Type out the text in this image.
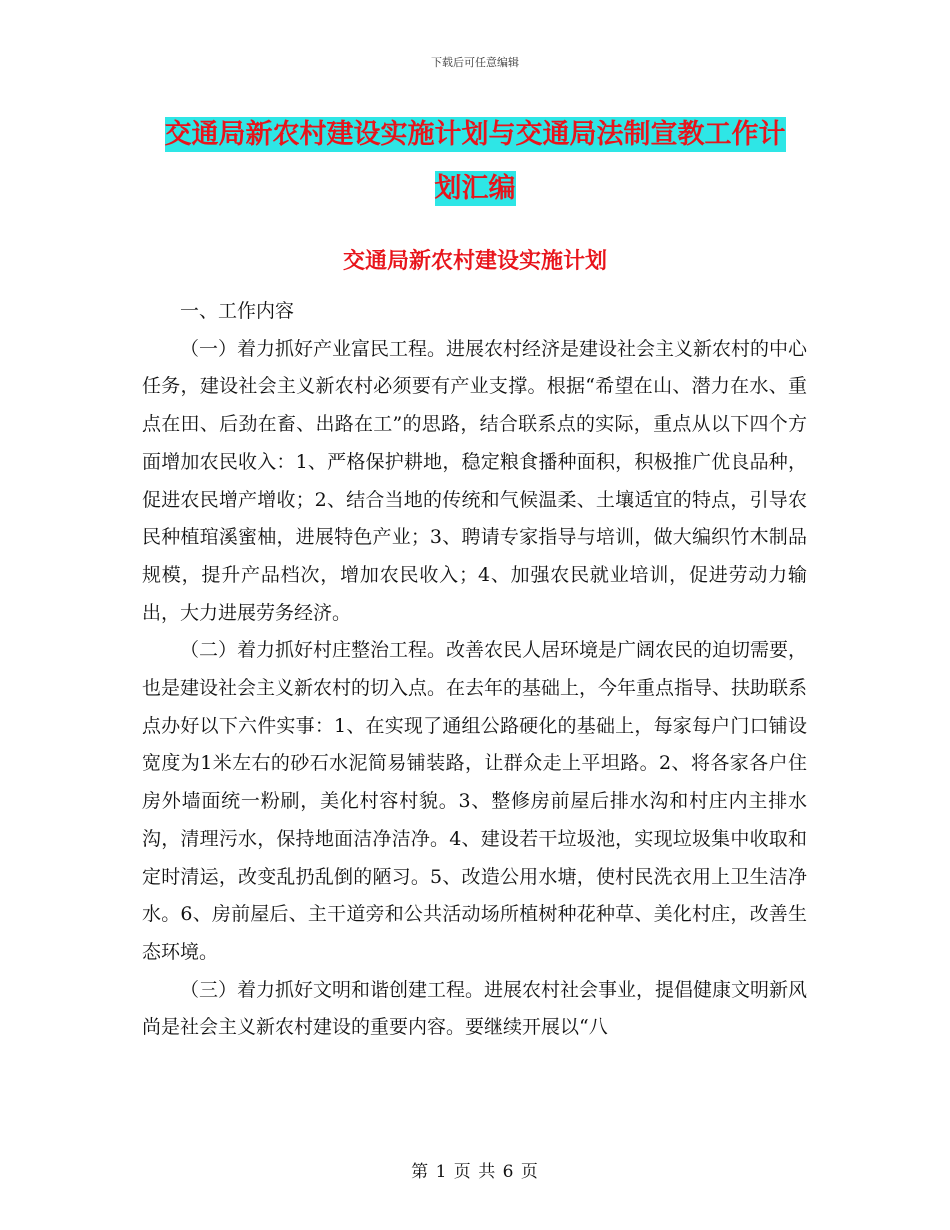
下载后可任意编辑
交通局新农村建设实施计划与交通局法制宣教工作计
划汇编
交通局新农村建设实施计划

一、工作内容

（一）着力抓好产业富民工程。进展农村经济是建设社会主义新农村的中心任务，建设社会主义新农村必须要有产业支撑。根据“希望在山、潜力在水、重点在田、后劲在畜、出路在工”的思路，结合联系点的实际，重点从以下四个方面增加农民收入：1、严格保护耕地，稳定粮食播种面积，积极推广优良品种，促进农民增产增收；2、结合当地的传统和气候温柔、土壤适宜的特点，引导农民种植琯溪蜜柚，进展特色产业；3、聘请专家指导与培训，做大编织竹木制品规模，提升产品档次，增加农民收入；4、加强农民就业培训，促进劳动力输出，大力进展劳务经济。

（二）着力抓好村庄整治工程。改善农民人居环境是广阔农民的迫切需要，也是建设社会主义新农村的切入点。在去年的基础上，今年重点指导、扶助联系点办好以下六件实事：1、在实现了通组公路硬化的基础上，每家每户门口铺设宽度为1米左右的砂石水泥简易铺装路，让群众走上平坦路。2、将各家各户住房外墙面统一粉刷，美化村容村貌。3、整修房前屋后排水沟和村庄内主排水沟，清理污水，保持地面洁净洁净。4、建设若干垃圾池，实现垃圾集中收取和定时清运，改变乱扔乱倒的陋习。5、改造公用水塘，使村民洗衣用上卫生洁净水。6、房前屋后、主干道旁和公共活动场所植树种花种草、美化村庄，改善生态环境。

（三）着力抓好文明和谐创建工程。进展农村社会事业，提倡健康文明新风尚是社会主义新农村建设的重要内容。要继续开展以“八

第 1 页 共 6 页
